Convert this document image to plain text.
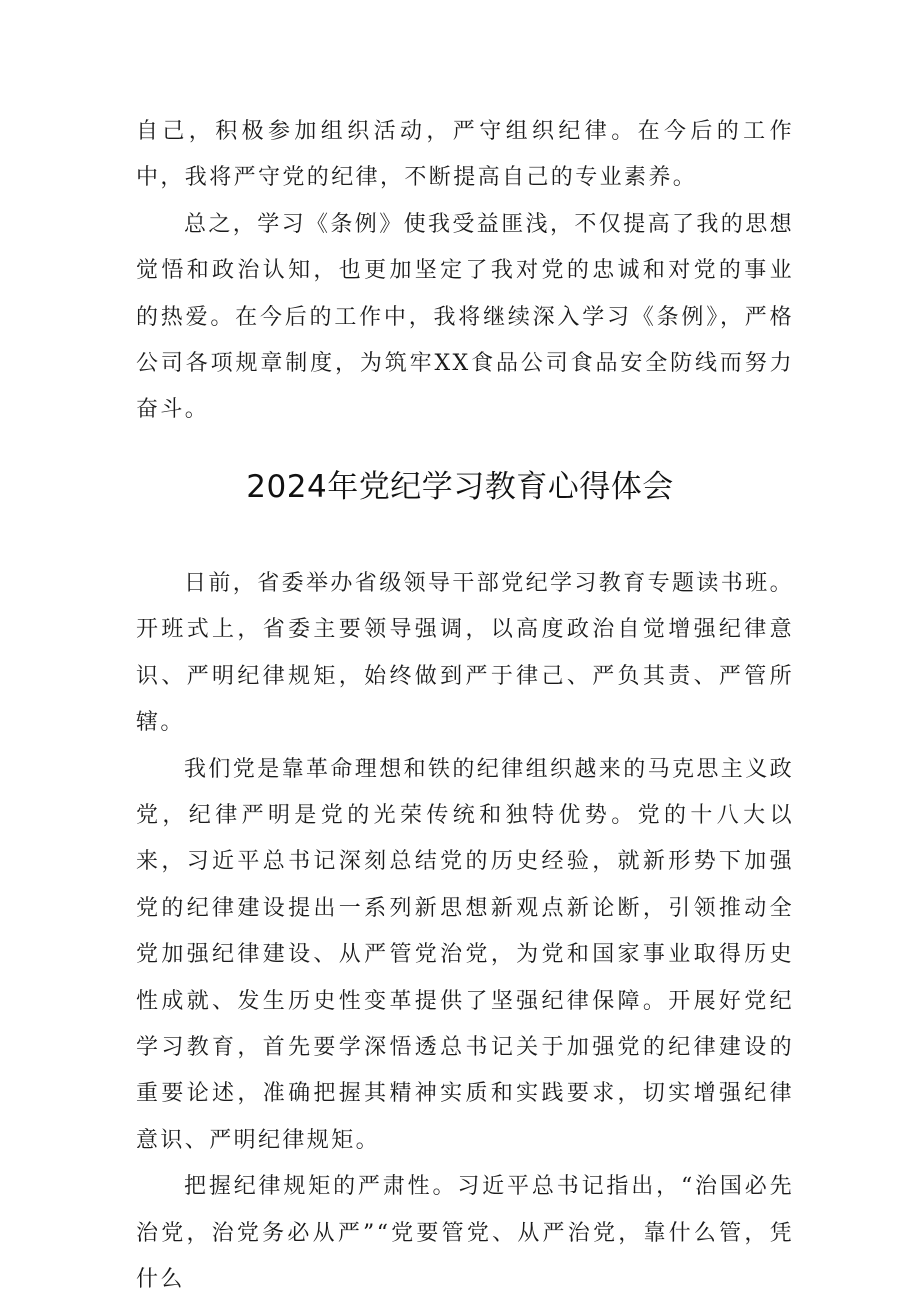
自己，积极参加组织活动，严守组织纪律。在今后的工作中，我将严守党的纪律，不断提高自己的专业素养。

总之，学习《条例》使我受益匪浅，不仅提高了我的思想觉悟和政治认知，也更加坚定了我对党的忠诚和对党的事业的热爱。在今后的工作中，我将继续深入学习《条例》，严格公司各项规章制度，为筑牢XX食品公司食品安全防线而努力奋斗。

2024年党纪学习教育心得体会

日前，省委举办省级领导干部党纪学习教育专题读书班。开班式上，省委主要领导强调，以高度政治自觉增强纪律意识、严明纪律规矩，始终做到严于律己、严负其责、严管所辖。

我们党是靠革命理想和铁的纪律组织越来的马克思主义政党，纪律严明是党的光荣传统和独特优势。党的十八大以来，习近平总书记深刻总结党的历史经验，就新形势下加强党的纪律建设提出一系列新思想新观点新论断，引领推动全党加强纪律建设、从严管党治党，为党和国家事业取得历史性成就、发生历史性变革提供了坚强纪律保障。开展好党纪学习教育，首先要学深悟透总书记关于加强党的纪律建设的重要论述，准确把握其精神实质和实践要求，切实增强纪律意识、严明纪律规矩。

把握纪律规矩的严肃性。习近平总书记指出，“治国必先治党，治党务必从严”“党要管党、从严治党，靠什么管，凭什么
